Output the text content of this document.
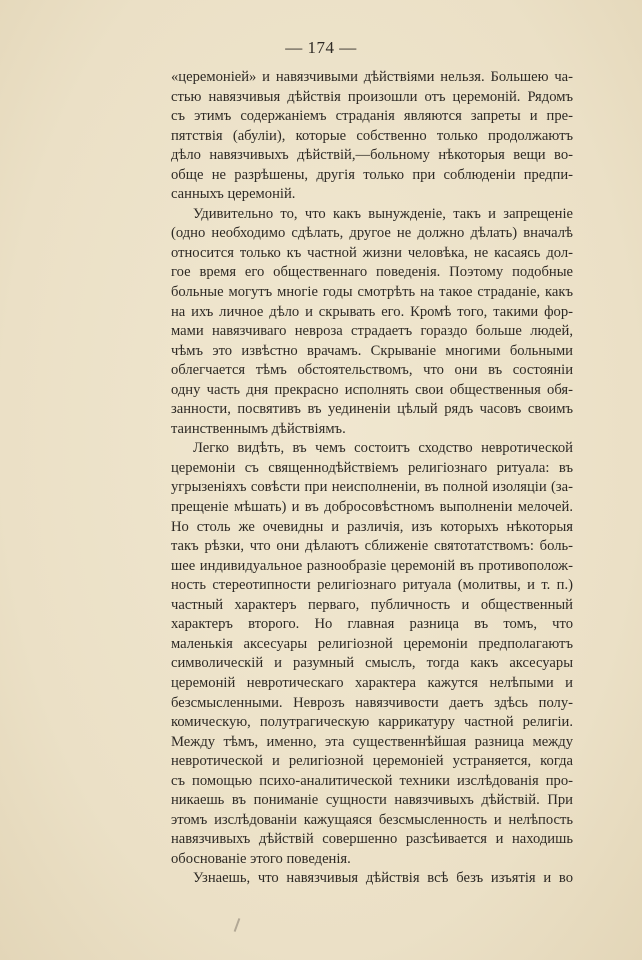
— 174 —
«церемоніей» и навязчивыми дѣйствіями нельзя. Большею ча-
стью навязчивыя дѣйствія произошли отъ церемоній. Рядомъ
съ этимъ содержаніемъ страданія являются запреты и пре-
пятствія (абуліи), которые собственно только продолжаютъ
дѣло навязчивыхъ дѣйствій,—больному нѣкоторыя вещи во-
обще не разрѣшены, другія только при соблюденіи предпи-
санныхъ церемоній.
Удивительно то, что какъ вынужденіе, такъ и запрещеніе
(одно необходимо сдѣлать, другое не должно дѣлать) вначалѣ
относится только къ частной жизни человѣка, не касаясь дол-
гое время его общественнаго поведенія. Поэтому подобные
больные могутъ многіе годы смотрѣть на такое страданіе, какъ
на ихъ личное дѣло и скрывать его. Кромѣ того, такими фор-
мами навязчиваго невроза страдаетъ гораздо больше людей,
чѣмъ это извѣстно врачамъ. Скрываніе многими больными
облегчается тѣмъ обстоятельствомъ, что они въ состояніи
одну часть дня прекрасно исполнять свои общественныя обя-
занности, посвятивъ въ уединеніи цѣлый рядъ часовъ своимъ
таинственнымъ дѣйствіямъ.
Легко видѣть, въ чемъ состоитъ сходство невротической
церемоніи съ священнодѣйствіемъ религіознаго ритуала: въ
угрызеніяхъ совѣсти при неисполненіи, въ полной изоляціи (за-
прещеніе мѣшать) и въ добросовѣстномъ выполненіи мелочей.
Но столь же очевидны и различія, изъ которыхъ нѣкоторыя
такъ рѣзки, что они дѣлаютъ сближеніе святотатствомъ: боль-
шее индивидуальное разнообразіе церемоній въ противополож-
ность стереотипности религіознаго ритуала (молитвы, и т. п.)
частный характеръ перваго, публичность и общественный
характеръ второго. Но главная разница въ томъ, что
маленькія аксесуары религіозной церемоніи предполагаютъ
символическій и разумный смыслъ, тогда какъ аксесуары
церемоній невротическаго характера кажутся нелѣпыми и
безсмысленными. Неврозъ навязчивости даетъ здѣсь полу-
комическую, полутрагическую каррикатуру частной религіи.
Между тѣмъ, именно, эта существеннѣйшая разница между
невротической и религіозной церемоніей устраняется, когда
съ помощью психо-аналитической техники изслѣдованія про-
никаешь въ пониманіе сущности навязчивыхъ дѣйствій. При
этомъ изслѣдованіи кажущаяся безсмысленность и нелѣпость
навязчивыхъ дѣйствій совершенно разсѣивается и находишь
обоснованіе этого поведенія.
Узнаешь, что навязчивыя дѣйствія всѣ безъ изъятія и во
